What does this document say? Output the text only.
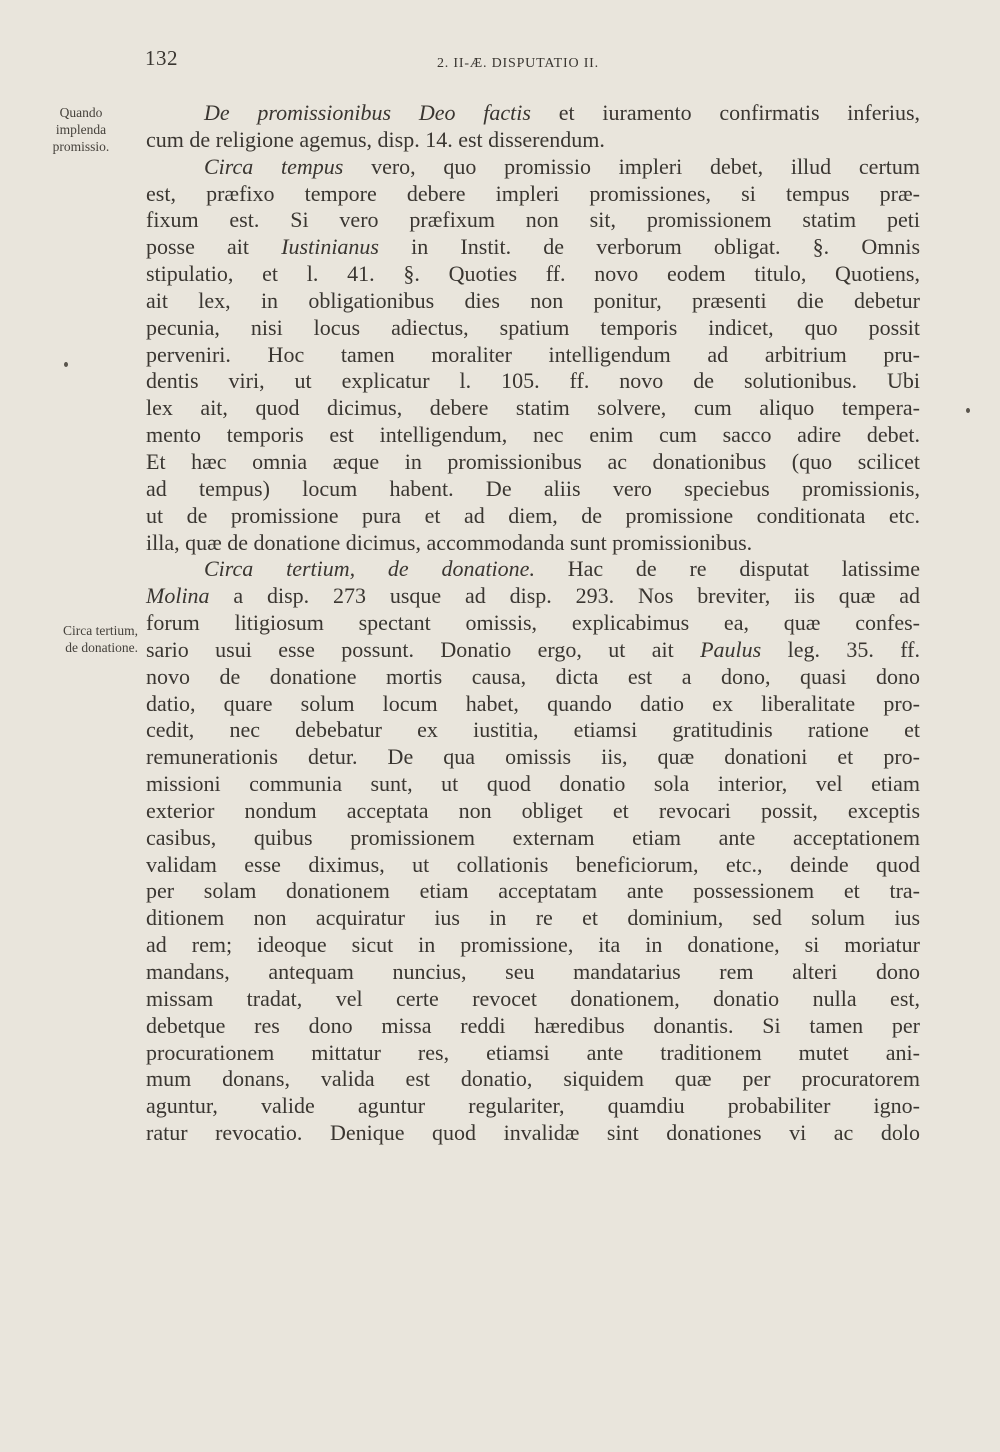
132	2. II-Æ. DISPUTATIO II.
Quando
implenda
promissio.
Circa tertium,
de donatione.
De promissionibus Deo factis et iuramento confirmatis inferius,
cum de religione agemus, disp. 14. est disserendum.
Circa tempus vero, quo promissio impleri debet, illud certum
est, præfixo tempore debere impleri promissiones, si tempus præ-
fixum est. Si vero præfixum non sit, promissionem statim peti
posse ait Iustinianus in Instit. de verborum obligat. §. Omnis
stipulatio, et l. 41. §. Quoties ff. novo eodem titulo, Quotiens,
ait lex, in obligationibus dies non ponitur, præsenti die debetur
pecunia, nisi locus adiectus, spatium temporis indicet, quo possit
perveniri. Hoc tamen moraliter intelligendum ad arbitrium pru-
dentis viri, ut explicatur l. 105. ff. novo de solutionibus. Ubi
lex ait, quod dicimus, debere statim solvere, cum aliquo tempera-
mento temporis est intelligendum, nec enim cum sacco adire debet.
Et hæc omnia æque in promissionibus ac donationibus (quo scilicet
ad tempus) locum habent. De aliis vero speciebus promissionis,
ut de promissione pura et ad diem, de promissione conditionata etc.
illa, quæ de donatione dicimus, accommodanda sunt promissionibus.
Circa tertium, de donatione. Hac de re disputat latissime
Molina a disp. 273 usque ad disp. 293. Nos breviter, iis quæ ad
forum litigiosum spectant omissis, explicabimus ea, quæ confes-
sario usui esse possunt. Donatio ergo, ut ait Paulus leg. 35. ff.
novo de donatione mortis causa, dicta est a dono, quasi dono
datio, quare solum locum habet, quando datio ex liberalitate pro-
cedit, nec debebatur ex iustitia, etiamsi gratitudinis ratione et
remunerationis detur. De qua omissis iis, quæ donationi et pro-
missioni communia sunt, ut quod donatio sola interior, vel etiam
exterior nondum acceptata non obliget et revocari possit, exceptis
casibus, quibus promissionem externam etiam ante acceptationem
validam esse diximus, ut collationis beneficiorum, etc., deinde quod
per solam donationem etiam acceptatam ante possessionem et tra-
ditionem non acquiratur ius in re et dominium, sed solum ius
ad rem; ideoque sicut in promissione, ita in donatione, si moriatur
mandans, antequam nuncius, seu mandatarius rem alteri dono
missam tradat, vel certe revocet donationem, donatio nulla est,
debetque res dono missa reddi hæredibus donantis. Si tamen per
procurationem mittatur res, etiamsi ante traditionem mutet ani-
mum donans, valida est donatio, siquidem quæ per procuratorem
aguntur, valide aguntur regulariter, quamdiu probabiliter igno-
ratur revocatio. Denique quod invalidæ sint donationes vi ac dolo
